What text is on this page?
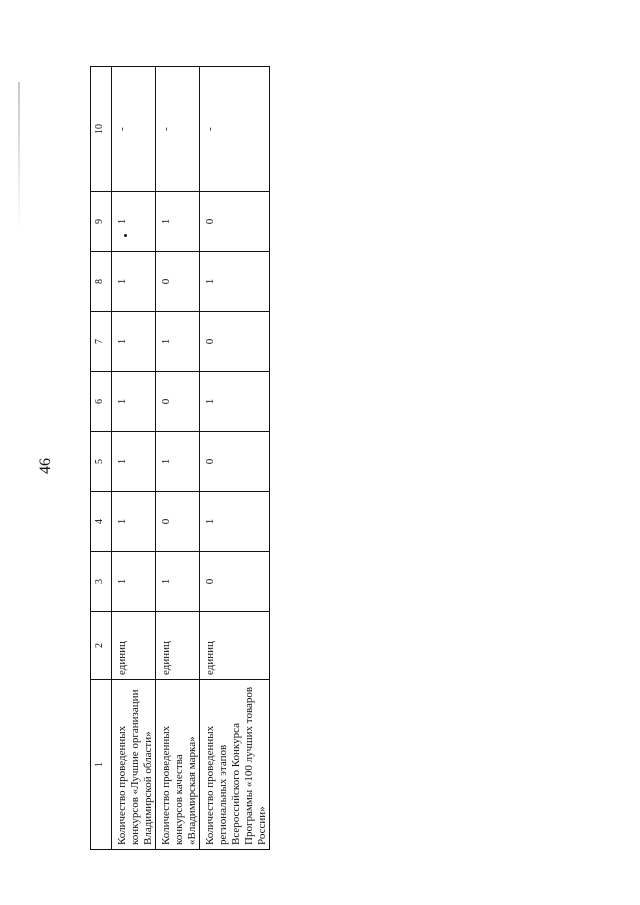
46
1	2	3	4	5	6	7	8	9	10
Количество проведенных конкурсов «Лучшие организации Владимирской области»	единиц	1	1	1	1	1	1	1	-
Количество проведенных конкурсов качества «Владимирская марка»	единиц	1	0	1	0	1	0	1	-
Количество проведенных региональных этапов Всероссийского Конкурса Программы «100 лучших товаров России»	единиц	0	1	0	1	0	1	0	-
